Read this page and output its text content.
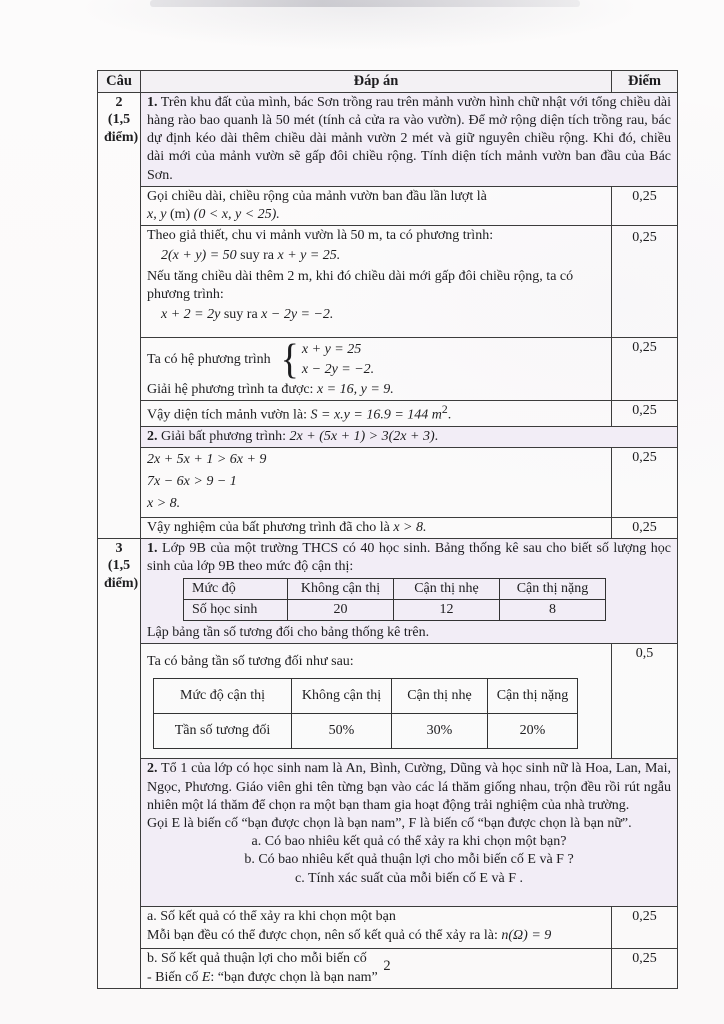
Câu	Đáp án	Điểm

2
(1,5 điểm)
	1. Trên khu đất của mình, bác Sơn trồng rau trên mảnh vườn hình chữ nhật với tổng chiều dài hàng rào bao quanh là 50 mét (tính cả cửa ra vào vườn). Để mở rộng diện tích trồng rau, bác dự định kéo dài thêm chiều dài mảnh vườn 2 mét và giữ nguyên chiều rộng. Khi đó, chiều dài mới của mảnh vườn sẽ gấp đôi chiều rộng. Tính diện tích mảnh vườn ban đầu của Bác Sơn.

Gọi chiều dài, chiều rộng của mảnh vườn ban đầu lần lượt là
x, y (m) (0 < x, y < 25).
	0,25

Theo giả thiết, chu vi mảnh vườn là 50 m, ta có phương trình:
2(x + y) = 50 suy ra x + y = 25.
Nếu tăng chiều dài thêm 2 m, khi đó chiều dài mới gấp đôi chiều rộng, ta có phương trình:
x + 2 = 2y suy ra x − 2y = −2.
	0,25

Ta có hệ phương trình { x + y = 25
x − 2y = −2.
Giải hệ phương trình ta được: x = 16, y = 9.
	0,25
Vậy diện tích mảnh vườn là: S = x.y = 16.9 = 144 $m^2$.	0,25
2. Giải bất phương trình: 2x + (5x + 1) > 3(2x + 3).

2x + 5x + 1 > 6x + 9
7x − 6x > 9 − 1
x > 8.
	0,25
Vậy nghiệm của bất phương trình đã cho là x > 8.	0,25

3
(1,5 điểm)

1. Lớp 9B của một trường THCS có 40 học sinh. Bảng thống kê sau cho biết số lượng học sinh của lớp 9B theo mức độ cận thị:
Mức độ	Không cận thị	Cận thị nhẹ	Cận thị nặng
Số học sinh	20	12	8
Lập bảng tần số tương đối cho bảng thống kê trên.

Ta có bảng tần số tương đối như sau:
Mức độ cận thị	Không cận thị	Cận thị nhẹ	Cận thị nặng
Tần số tương đối	50%	30%	20%
	0,5

2. Tổ 1 của lớp có học sinh nam là An, Bình, Cường, Dũng và học sinh nữ là Hoa, Lan, Mai, Ngọc, Phương. Giáo viên ghi tên từng bạn vào các lá thăm giống nhau, trộn đều rồi rút ngẫu nhiên một lá thăm để chọn ra một bạn tham gia hoạt động trải nghiệm của nhà trường.
Gọi E là biến cố “bạn được chọn là bạn nam”, F là biến cố “bạn được chọn là bạn nữ”.
a. Có bao nhiêu kết quả có thể xảy ra khi chọn một bạn?
b. Có bao nhiêu kết quả thuận lợi cho mỗi biến cố E và F ?
c. Tính xác suất của mỗi biến cố E và F .

a. Số kết quả có thể xảy ra khi chọn một bạn
Mỗi bạn đều có thể được chọn, nên số kết quả có thể xảy ra là: n(Ω) = 9
	0,25

b. Số kết quả thuận lợi cho mỗi biến cố
- Biến cố E: “bạn được chọn là bạn nam”
	0,25
2
